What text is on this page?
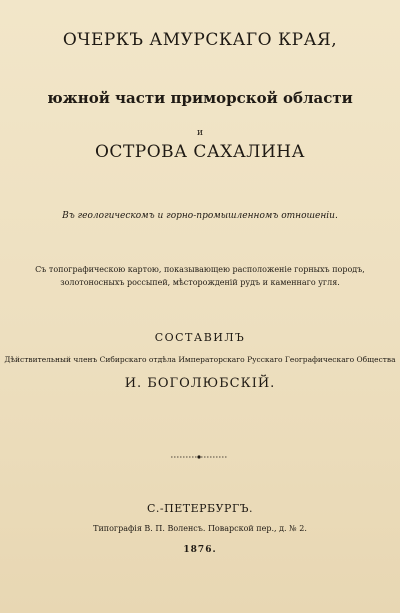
ОЧЕРКЪ АМУРСКАГО КРАЯ,
южной части приморской области
и
ОСТРОВА САХАЛИНА
Въ геологическомъ и горно-промышленномъ отношеніи.
Съ топографическою картою, показывающею расположеніе горныхъ породъ,
золотоносныхъ россыпей, мѣсторожденій рудъ и каменнаго угля.
СОСТАВИЛЪ
Дѣйствительный членъ Сибирскаго отдѣла Императорскаго Русскаго Географическаго Общества
И. БОГОЛЮБСКІЙ.
С.-ПЕТЕРБУРГЪ.
Типографія В. П. Воленсъ. Поварской пер., д. № 2.
1876.
